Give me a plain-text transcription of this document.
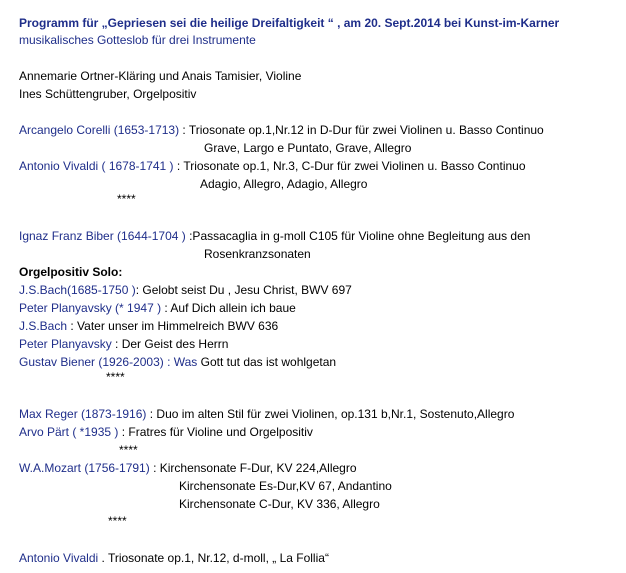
Programm für „Gepriesen sei die heilige Dreifaltigkeit “ , am 20. Sept.2014 bei Kunst-im-Karner
musikalisches Gotteslob für drei Instrumente
Annemarie Ortner-Kläring und Anais Tamisier, Violine
Ines Schüttengruber, Orgelpositiv
Arcangelo Corelli (1653-1713) : Triosonate op.1,Nr.12 in D-Dur für zwei Violinen u. Basso Continuo
Grave, Largo e Puntato, Grave, Allegro
Antonio Vivaldi ( 1678-1741 ) : Triosonate op.1, Nr.3, C-Dur für zwei Violinen u. Basso Continuo
Adagio, Allegro, Adagio, Allegro
****
Ignaz Franz Biber (1644-1704 ) :Passacaglia in g-moll C105 für Violine ohne Begleitung aus den
Rosenkranzsonaten
Orgelpositiv Solo:
J.S.Bach(1685-1750 ): Gelobt seist Du , Jesu Christ, BWV 697
Peter Planyavsky (* 1947 ) : Auf Dich allein ich baue
J.S.Bach : Vater unser im Himmelreich BWV 636
Peter Planyavsky : Der Geist des Herrn
Gustav Biener (1926-2003) : Was Gott tut das ist wohlgetan
****
Max Reger (1873-1916) : Duo im alten Stil für zwei Violinen, op.131 b,Nr.1, Sostenuto,Allegro
Arvo Pärt ( *1935 ) : Fratres für Violine und Orgelpositiv
****
W.A.Mozart (1756-1791) : Kirchensonate F-Dur, KV 224,Allegro
Kirchensonate Es-Dur,KV 67, Andantino
Kirchensonate C-Dur, KV 336, Allegro
****
Antonio Vivaldi . Triosonate op.1, Nr.12, d-moll, „ La Follia“
